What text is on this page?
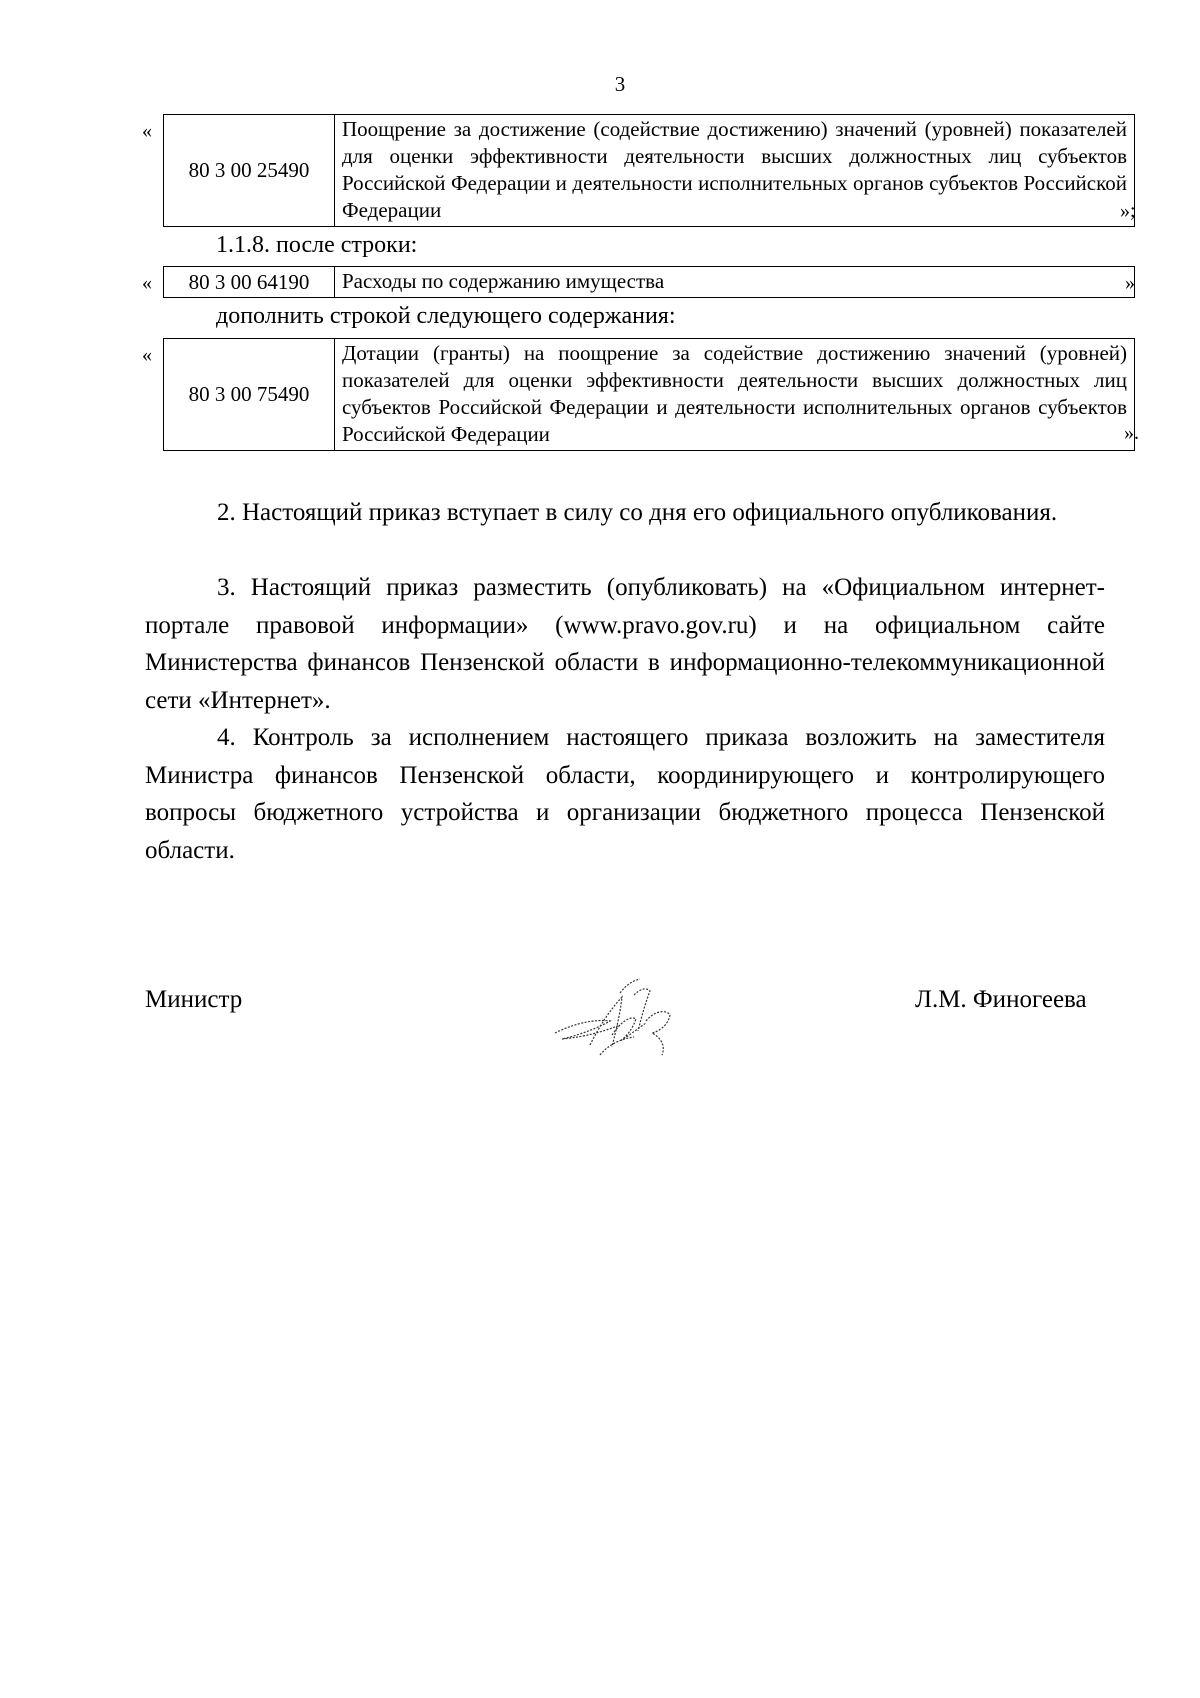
3
«
80 3 00 25490	Поощрение за достижение (содействие достижению) значений (уровней) показателей для оценки эффективности деятельности высших должностных лиц субъектов Российской Федерации и деятельности исполнительных органов субъектов Российской Федерации	»;
1.1.8. после строки:
« 80 3 00 64190	Расходы по содержанию имущества	»
дополнить строкой следующего содержания:
«
80 3 00 75490	Дотации (гранты) на поощрение за содействие достижению значений (уровней) показателей для оценки эффективности деятельности высших должностных лиц субъектов Российской Федерации и деятельности исполнительных органов субъектов Российской Федерации	».

2. Настоящий приказ вступает в силу со дня его официального опубликования.

3. Настоящий приказ разместить (опубликовать) на «Официальном интернет-портале правовой информации» (www.pravo.gov.ru) и на официальном сайте Министерства финансов Пензенской области в информационно-телекоммуникационной сети «Интернет».

4. Контроль за исполнением настоящего приказа возложить на заместителя Министра финансов Пензенской области, координирующего и контролирующего вопросы бюджетного устройства и организации бюджетного процесса Пензенской области.

Министр	Л.М. Финогеева
